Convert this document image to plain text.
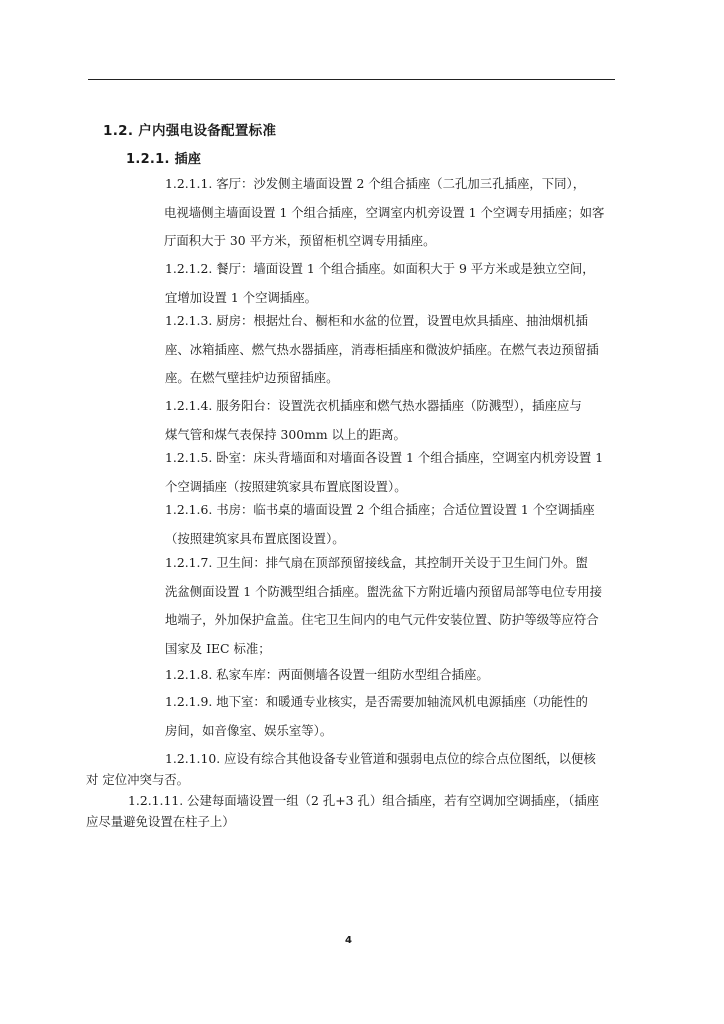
1.2. 户内强电设备配置标准
1.2.1. 插座
1.2.1.1. 客厅：沙发侧主墙面设置 2 个组合插座（二孔加三孔插座，下同），
电视墙侧主墙面设置 1 个组合插座，空调室内机旁设置 1 个空调专用插座；如客
厅面积大于 30 平方米，预留柜机空调专用插座。
1.2.1.2. 餐厅：墙面设置 1 个组合插座。如面积大于 9 平方米或是独立空间，
宜增加设置 1 个空调插座。
1.2.1.3. 厨房：根据灶台、橱柜和水盆的位置，设置电炊具插座、抽油烟机插
座、冰箱插座、燃气热水器插座，消毒柜插座和微波炉插座。在燃气表边预留插
座。在燃气壁挂炉边预留插座。
1.2.1.4. 服务阳台：设置洗衣机插座和燃气热水器插座（防溅型），插座应与
煤气管和煤气表保持 300mm 以上的距离。
1.2.1.5. 卧室：床头背墙面和对墙面各设置 1 个组合插座，空调室内机旁设置 1
个空调插座（按照建筑家具布置底图设置）。
1.2.1.6. 书房：临书桌的墙面设置 2 个组合插座；合适位置设置 1 个空调插座
（按照建筑家具布置底图设置）。
1.2.1.7. 卫生间：排气扇在顶部预留接线盒，其控制开关设于卫生间门外。盥
洗盆侧面设置 1 个防溅型组合插座。盥洗盆下方附近墙内预留局部等电位专用接
地端子，外加保护盒盖。住宅卫生间内的电气元件安装位置、防护等级等应符合
国家及 IEC 标准；
1.2.1.8. 私家车库：两面侧墙各设置一组防水型组合插座。
1.2.1.9. 地下室：和暖通专业核实，是否需要加轴流风机电源插座（功能性的
房间，如音像室、娱乐室等）。
1.2.1.10. 应设有综合其他设备专业管道和强弱电点位的综合点位图纸，以便核
对 定位冲突与否。
1.2.1.11. 公建每面墙设置一组（2 孔+3 孔）组合插座，若有空调加空调插座，（插座
应尽量避免设置在柱子上）
4
